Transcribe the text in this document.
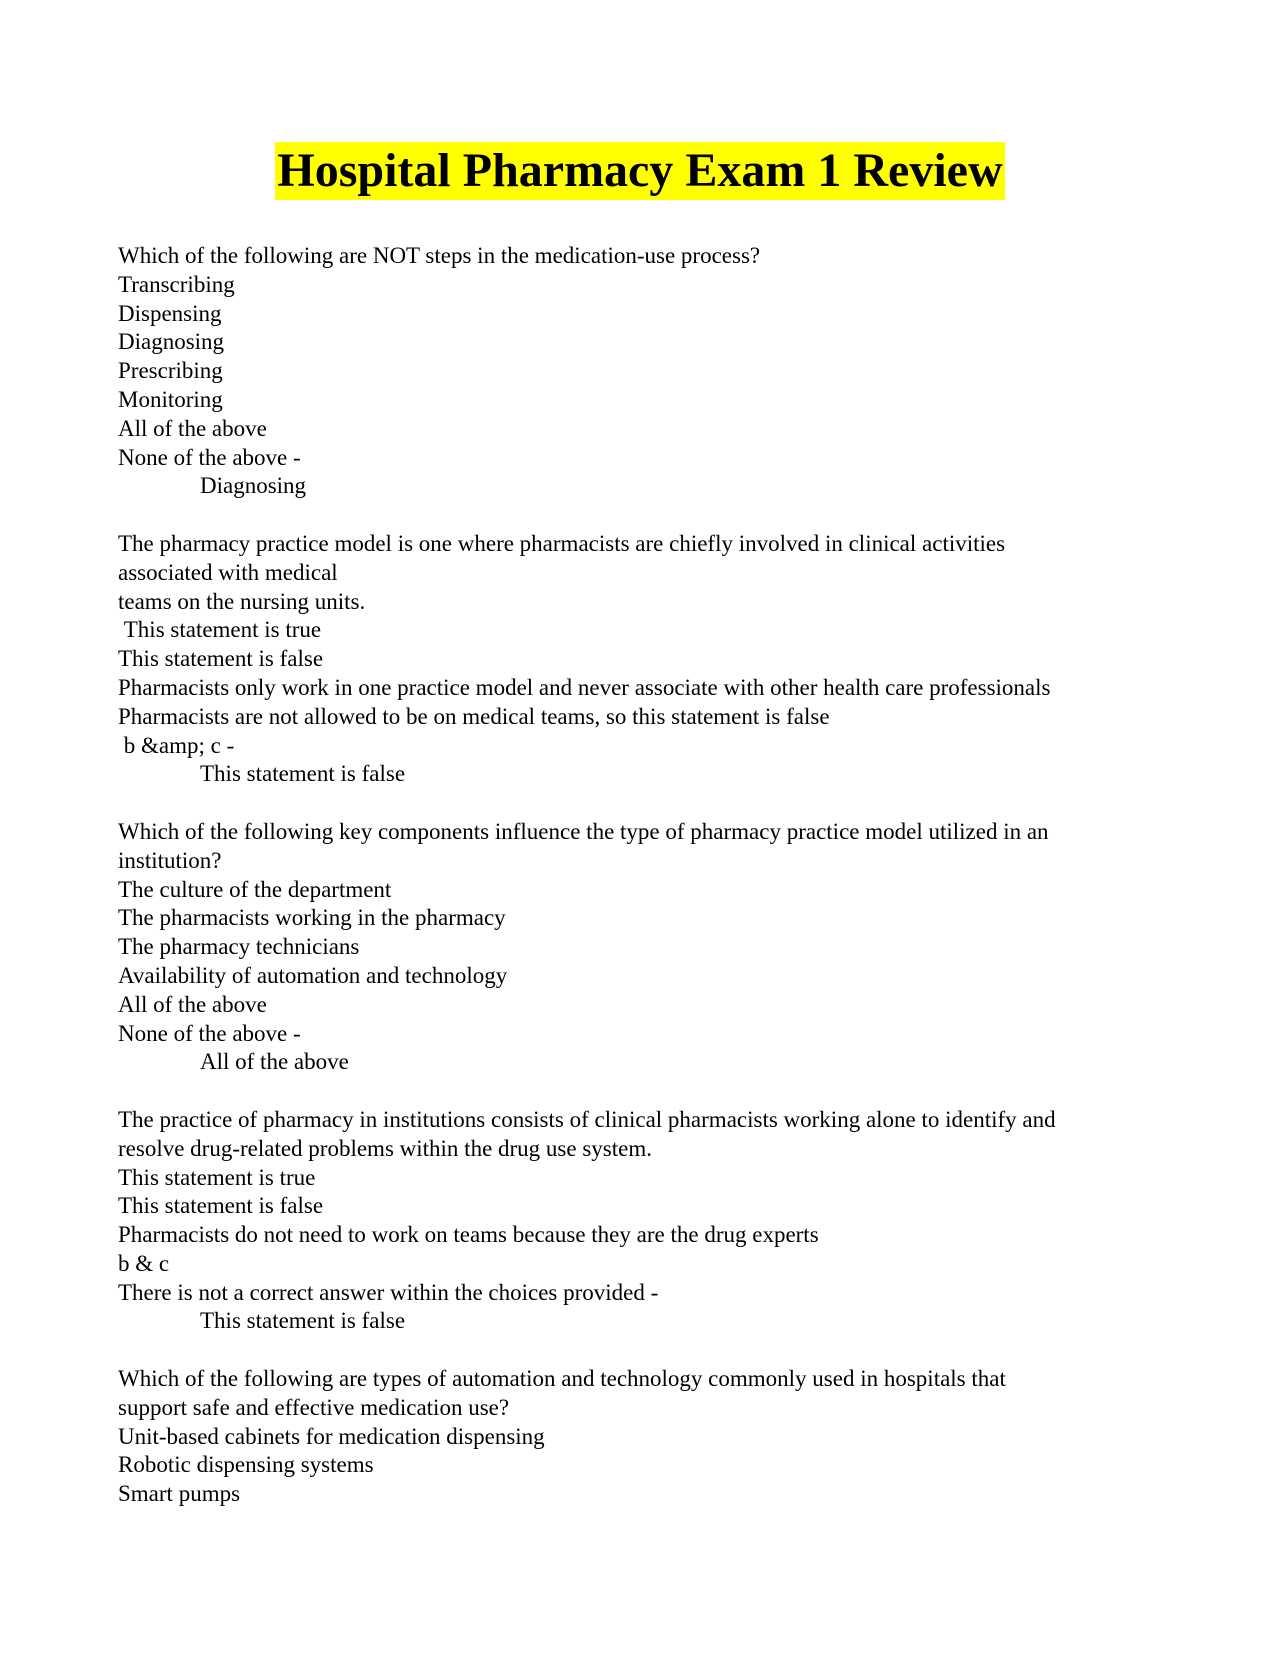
Hospital Pharmacy Exam 1 Review
Which of the following are NOT steps in the medication-use process?
Transcribing
Dispensing
Diagnosing
Prescribing
Monitoring
All of the above
None of the above -
Diagnosing
The pharmacy practice model is one where pharmacists are chiefly involved in clinical activities
associated with medical
teams on the nursing units.
This statement is true
This statement is false
Pharmacists only work in one practice model and never associate with other health care professionals
Pharmacists are not allowed to be on medical teams, so this statement is false
b &amp; c -
This statement is false
Which of the following key components influence the type of pharmacy practice model utilized in an
institution?
The culture of the department
The pharmacists working in the pharmacy
The pharmacy technicians
Availability of automation and technology
All of the above
None of the above -
All of the above
The practice of pharmacy in institutions consists of clinical pharmacists working alone to identify and
resolve drug-related problems within the drug use system.
This statement is true
This statement is false
Pharmacists do not need to work on teams because they are the drug experts
b & c
There is not a correct answer within the choices provided -
This statement is false
Which of the following are types of automation and technology commonly used in hospitals that
support safe and effective medication use?
Unit-based cabinets for medication dispensing
Robotic dispensing systems
Smart pumps
